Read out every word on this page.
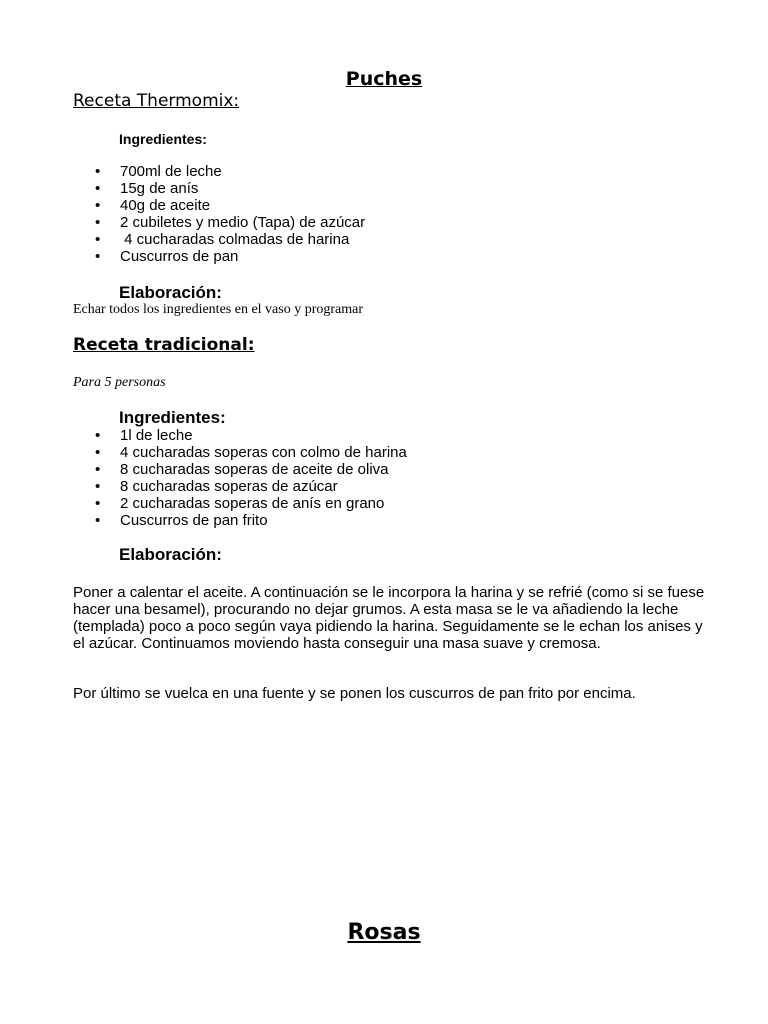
Puches
Receta Thermomix:
Ingredientes:
• 700ml de leche
• 15g de anís
• 40g de aceite
• 2 cubiletes y medio (Tapa) de azúcar
•  4 cucharadas colmadas de harina
• Cuscurros de pan
Elaboración:
Echar todos los ingredientes en el vaso y programar
Receta tradicional:
Para 5 personas
Ingredientes:
• 1l de leche
• 4 cucharadas soperas con colmo de harina
• 8 cucharadas soperas de aceite de oliva
• 8 cucharadas soperas de azúcar
• 2 cucharadas soperas de anís en grano
• Cuscurros de pan frito
Elaboración:

Poner a calentar el aceite. A continuación se le incorpora la harina y se refrié (como si se fuese hacer una besamel), procurando no dejar grumos. A esta masa se le va añadiendo la leche (templada) poco a poco según vaya pidiendo la harina. Seguidamente se le echan los anises y el azúcar. Continuamos moviendo hasta conseguir una masa suave y cremosa.

Por último se vuelca en una fuente y se ponen los cuscurros de pan frito por encima.

Rosas
